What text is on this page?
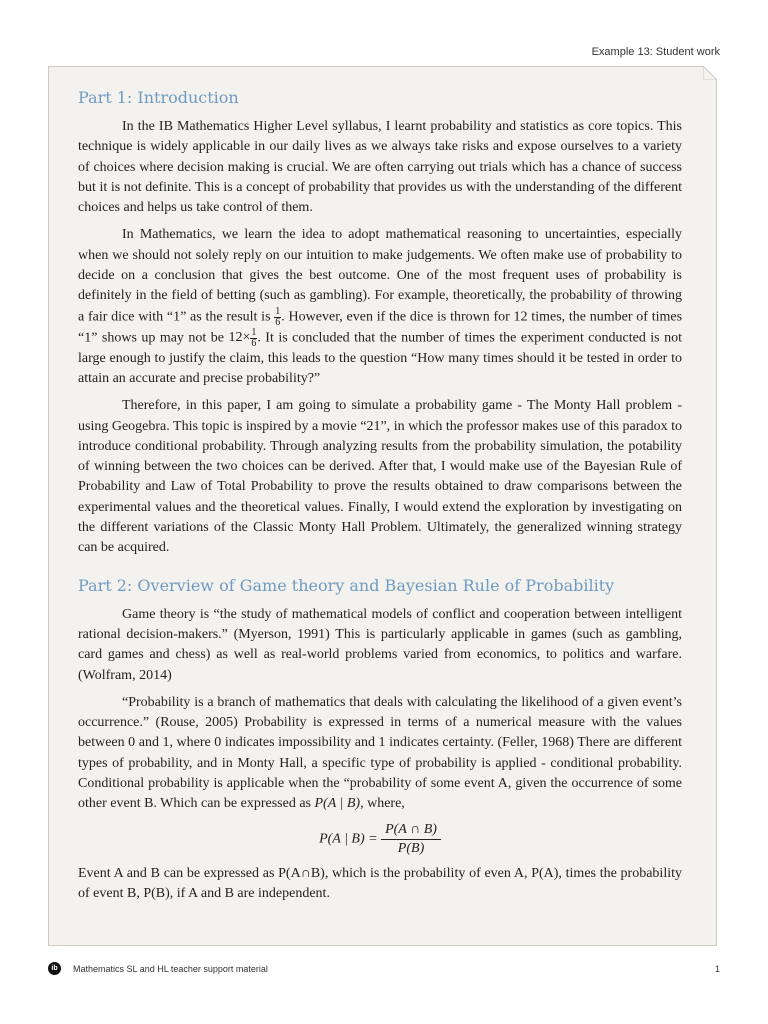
Example 13: Student work
Part 1: Introduction

In the IB Mathematics Higher Level syllabus, I learnt probability and statistics as core topics. This technique is widely applicable in our daily lives as we always take risks and expose ourselves to a variety of choices where decision making is crucial. We are often carrying out trials which has a chance of success but it is not definite. This is a concept of probability that provides us with the understanding of the different choices and helps us take control of them.

In Mathematics, we learn the idea to adopt mathematical reasoning to uncertainties, especially when we should not solely reply on our intuition to make judgements. We often make use of probability to decide on a conclusion that gives the best outcome. One of the most frequent uses of probability is definitely in the field of betting (such as gambling). For example, theoretically, the probability of throwing a fair dice with “1” as the result is $\frac{1}{6}$ . However, even if the dice is thrown for 12 times, the number of times “1” shows up may not be $12\times \frac{1}{6}$ . It is concluded that the number of times the experiment conducted is not large enough to justify the claim, this leads to the question “How many times should it be tested in order to attain an accurate and precise probability?”

Therefore, in this paper, I am going to simulate a probability game - The Monty Hall problem - using Geogebra. This topic is inspired by a movie “21”, in which the professor makes use of this paradox to introduce conditional probability. Through analyzing results from the probability simulation, the potability of winning between the two choices can be derived. After that, I would make use of the Bayesian Rule of Probability and Law of Total Probability to prove the results obtained to draw comparisons between the experimental values and the theoretical values. Finally, I would extend the exploration by investigating on the different variations of the Classic Monty Hall Problem. Ultimately, the generalized winning strategy can be acquired.

Part 2: Overview of Game theory and Bayesian Rule of Probability

Game theory is “the study of mathematical models of conflict and cooperation between intelligent rational decision-makers.” (Myerson, 1991) This is particularly applicable in games (such as gambling, card games and chess) as well as real-world problems varied from economics, to politics and warfare. (Wolfram, 2014)

“Probability is a branch of mathematics that deals with calculating the likelihood of a given event’s occurrence.” (Rouse, 2005) Probability is expressed in terms of a numerical measure with the values between 0 and 1, where 0 indicates impossibility and 1 indicates certainty. (Feller, 1968) There are different types of probability, and in Monty Hall, a specific type of probability is applied - conditional probability. Conditional probability is applicable when the “probability of some event A, given the occurrence of some other event B. Which can be expressed as P(A | B), where,

P(A | $B) = \frac{P(A \cap B)}{P(B)}$

Event A and B can be expressed as P(A∩B), which is the probability of even A, P(A), times the probability of event B, P(B), if A and B are independent.

ib	Mathematics SL and HL teacher support material	1
